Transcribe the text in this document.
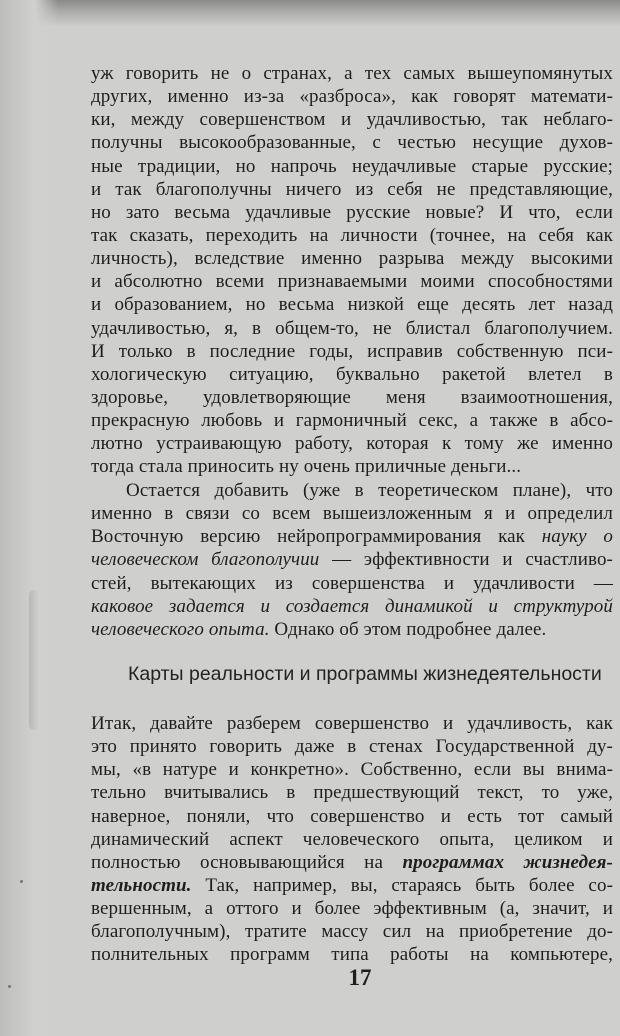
уж говорить не о странах, а тех самых вышеупомянутых
других, именно из-за «разброса», как говорят математи-
ки, между совершенством и удачливостью, так неблаго-
получны высокообразованные, с честью несущие духов-
ные традиции, но напрочь неудачливые старые русские;
и так благополучны ничего из себя не представляющие,
но зато весьма удачливые русские новые? И что, если
так сказать, переходить на личности (точнее, на себя как
личность), вследствие именно разрыва между высокими
и абсолютно всеми признаваемыми моими способностями
и образованием, но весьма низкой еще десять лет назад
удачливостью, я, в общем-то, не блистал благополучием.
И только в последние годы, исправив собственную пси-
хологическую ситуацию, буквально ракетой влетел в
здоровье, удовлетворяющие меня взаимоотношения,
прекрасную любовь и гармоничный секс, а также в абсо-
лютно устраивающую работу, которая к тому же именно
тогда стала приносить ну очень приличные деньги...
Остается добавить (уже в теоретическом плане), что
именно в связи со всем вышеизложенным я и определил
Восточную версию нейропрограммирования как науку о
человеческом благополучии — эффективности и счастливо-
стей, вытекающих из совершенства и удачливости —
каковое задается и создается динамикой и структурой
человеческого опыта. Однако об этом подробнее далее.
Карты реальности и программы жизнедеятельности
Итак, давайте разберем совершенство и удачливость, как
это принято говорить даже в стенах Государственной ду-
мы, «в натуре и конкретно». Собственно, если вы внима-
тельно вчитывались в предшествующий текст, то уже,
наверное, поняли, что совершенство и есть тот самый
динамический аспект человеческого опыта, целиком и
полностью основывающийся на программах жизнедея-
тельности. Так, например, вы, стараясь быть более со-
вершенным, а оттого и более эффективным (а, значит, и
благополучным), тратите массу сил на приобретение до-
полнительных программ типа работы на компьютере,
17
